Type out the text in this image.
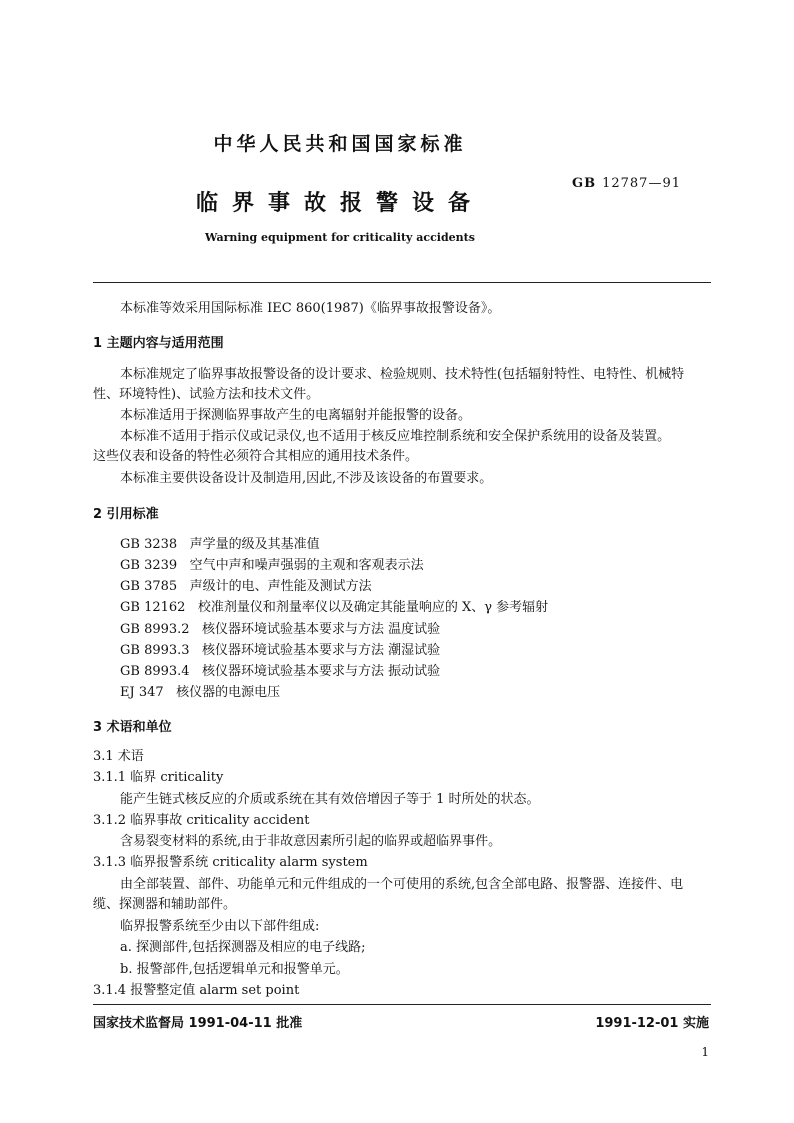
中华人民共和国国家标准
GB 12787—91
临界事故报警设备
Warning equipment for criticality accidents
本标准等效采用国际标准 IEC 860(1987)《临界事故报警设备》。
1 主题内容与适用范围
本标准规定了临界事故报警设备的设计要求、检验规则、技术特性(包括辐射特性、电特性、机械特
性、环境特性)、试验方法和技术文件。
本标准适用于探测临界事故产生的电离辐射并能报警的设备。
本标准不适用于指示仪或记录仪,也不适用于核反应堆控制系统和安全保护系统用的设备及装置。
这些仪表和设备的特性必须符合其相应的通用技术条件。
本标准主要供设备设计及制造用,因此,不涉及该设备的布置要求。
2 引用标准
GB 3238 声学量的级及其基准值
GB 3239 空气中声和噪声强弱的主观和客观表示法
GB 3785 声级计的电、声性能及测试方法
GB 12162 校准剂量仪和剂量率仪以及确定其能量响应的 X、γ 参考辐射
GB 8993.2 核仪器环境试验基本要求与方法 温度试验
GB 8993.3 核仪器环境试验基本要求与方法 潮湿试验
GB 8993.4 核仪器环境试验基本要求与方法 振动试验
EJ 347 核仪器的电源电压
3 术语和单位
3.1 术语
3.1.1 临界 criticality
能产生链式核反应的介质或系统在其有效倍增因子等于 1 时所处的状态。
3.1.2 临界事故 criticality accident
含易裂变材料的系统,由于非故意因素所引起的临界或超临界事件。
3.1.3 临界报警系统 criticality alarm system
由全部装置、部件、功能单元和元件组成的一个可使用的系统,包含全部电路、报警器、连接件、电
缆、探测器和辅助部件。
临界报警系统至少由以下部件组成:
a. 探测部件,包括探测器及相应的电子线路;
b. 报警部件,包括逻辑单元和报警单元。
3.1.4 报警整定值 alarm set point
国家技术监督局 1991-04-11 批准	1991-12-01 实施
1
